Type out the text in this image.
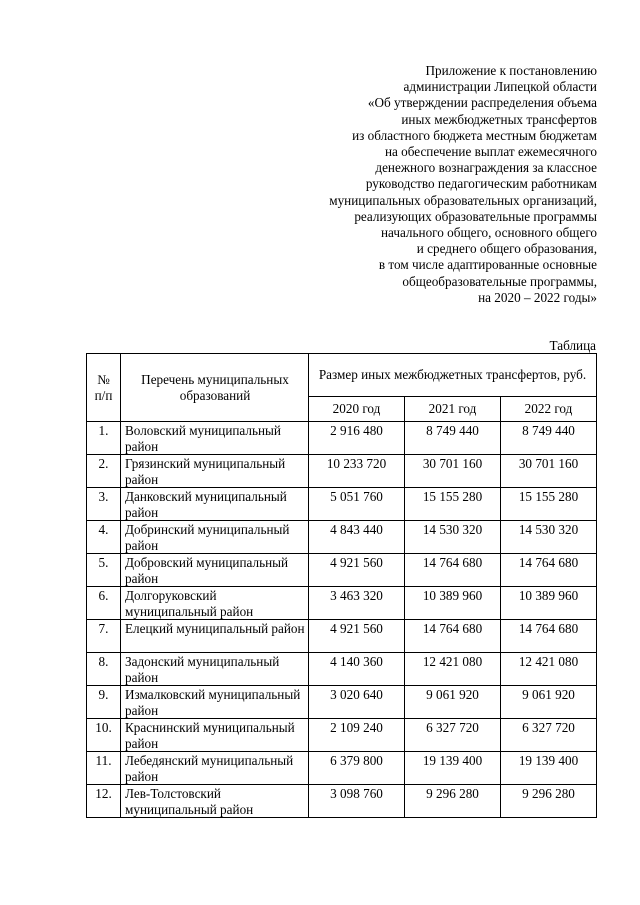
Приложение к постановлению
администрации Липецкой области
«Об утверждении распределения объема
иных межбюджетных трансфертов
из областного бюджета местным бюджетам
на обеспечение выплат ежемесячного
денежного вознаграждения за классное
руководство педагогическим работникам
муниципальных образовательных организаций,
реализующих образовательные программы
начального общего, основного общего
и среднего общего образования,
в том числе адаптированные основные
общеобразовательные программы,
на 2020 – 2022 годы»
Таблица
№
п/п	Перечень муниципальных образований	Размер иных межбюджетных трансфертов, руб.		
		2020 год	2021 год	2022 год
1.	Воловский муниципальный район	2 916 480	8 749 440	8 749 440
2.	Грязинский муниципальный район	10 233 720	30 701 160	30 701 160
3.	Данковский муниципальный район	5 051 760	15 155 280	15 155 280
4.	Добринский муниципальный район	4 843 440	14 530 320	14 530 320
5.	Добровский муниципальный район	4 921 560	14 764 680	14 764 680
6.	Долгоруковский муниципальный район	3 463 320	10 389 960	10 389 960
7.	Елецкий муниципальный район	4 921 560	14 764 680	14 764 680
8.	Задонский муниципальный район	4 140 360	12 421 080	12 421 080
9.	Измалковский муниципальный район	3 020 640	9 061 920	9 061 920
10.	Краснинский муниципальный район	2 109 240	6 327 720	6 327 720
11.	Лебедянский муниципальный район	6 379 800	19 139 400	19 139 400
12.	Лев-Толстовский муниципальный район	3 098 760	9 296 280	9 296 280
